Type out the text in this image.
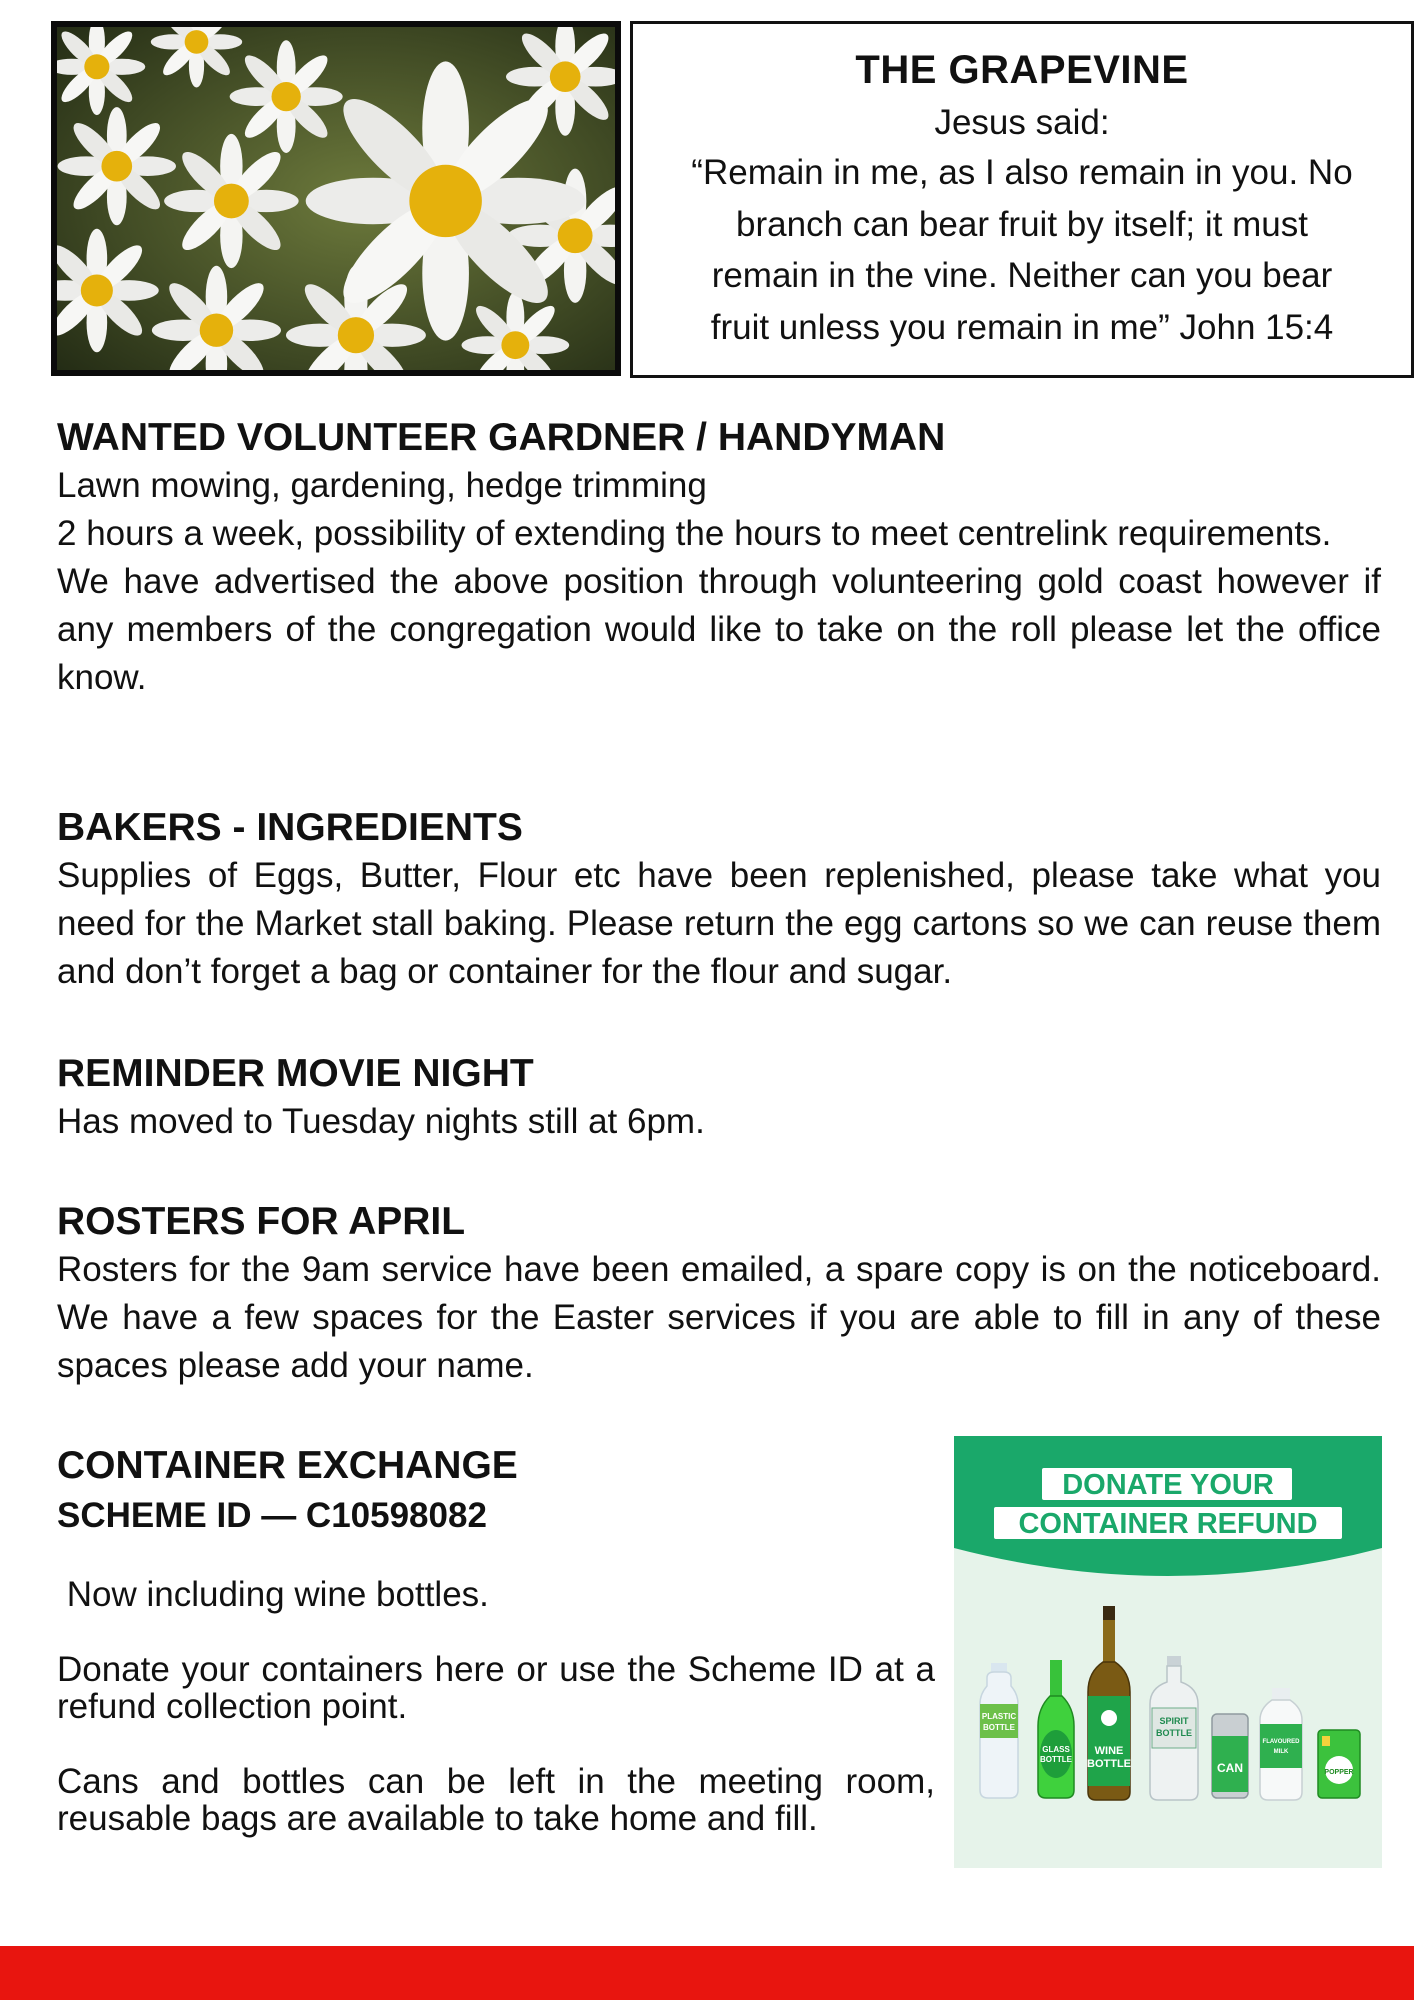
THE GRAPEVINE
Jesus said:
“Remain in me, as I also remain in you. No
branch can bear fruit by itself; it must
remain in the vine. Neither can you bear
fruit unless you remain in me” John 15:4
WANTED VOLUNTEER GARDNER / HANDYMAN

Lawn mowing, gardening, hedge trimming

2 hours a week, possibility of extending the hours to meet centrelink requirements.

We have advertised the above position through volunteering gold coast however if any members of the congregation would like to take on the roll please let the office know.

BAKERS - INGREDIENTS

Supplies of Eggs, Butter, Flour etc have been replenished, please take what you need for the Market stall baking. Please return the egg cartons so we can reuse them and don’t forget a bag or container for the flour and sugar.

REMINDER MOVIE NIGHT

Has moved to Tuesday nights still at 6pm.

ROSTERS FOR APRIL

Rosters for the 9am service have been emailed, a spare copy is on the noticeboard. We have a few spaces for the Easter services if you are able to fill in any of these spaces please add your name.

CONTAINER EXCHANGE
SCHEME ID — C10598082

Now including wine bottles.

Donate your containers here or use the Scheme ID at a refund collection point.

Cans and bottles can be left in the meeting room, reusable bags are available to take home and fill.

DONATE YOUR
CONTAINER REFUND
PLASTIC
BOTTLE
GLASS
BOTTLE
WINE
BOTTLE
SPIRIT
BOTTLE
CAN
FLAVOURED
MILK
POPPER
